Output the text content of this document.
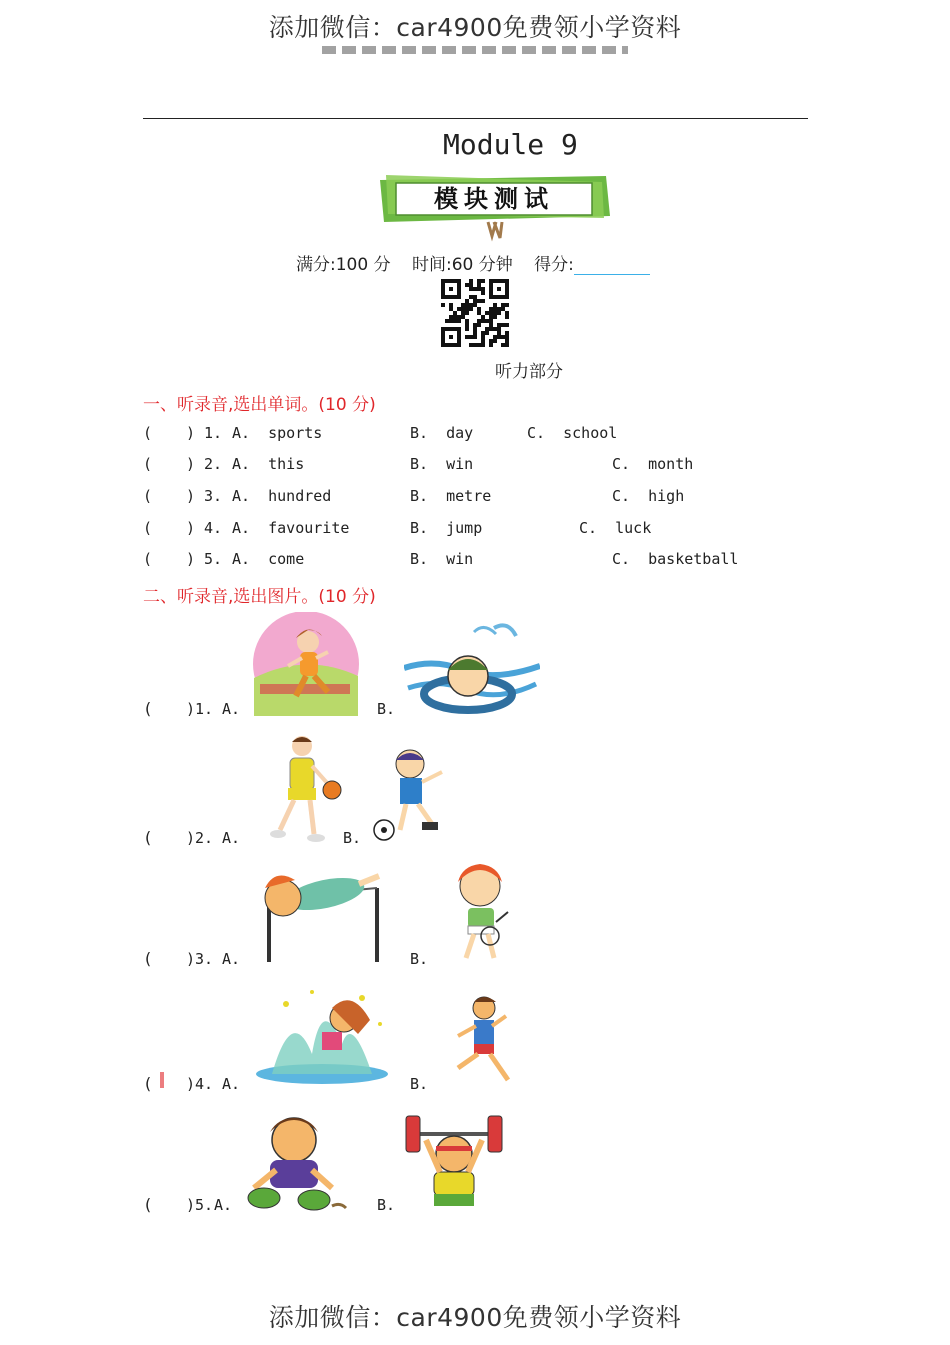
添加微信：car4900免费领小学资料
Module 9
模块测试
满分:100 分 时间:60 分钟 得分:
听力部分
一、听录音,选出单词。(10 分)
( ) 1. A.  sports	B.  day	C.  school
( ) 2. A.  this	B.  win	C.  month
( ) 3. A.  hundred	B.  metre	C.  high
( ) 4. A.  favourite	B.  jump	C.  luck
( ) 5. A.  come	B.  win	C.  basketball
二、听录音,选出图片。(10 分)
( )1. A.	B.
( )2. A.	B.
( )3. A.	B.
( )4. A.	B.
( )5. A.	B.
添加微信：car4900免费领小学资料
